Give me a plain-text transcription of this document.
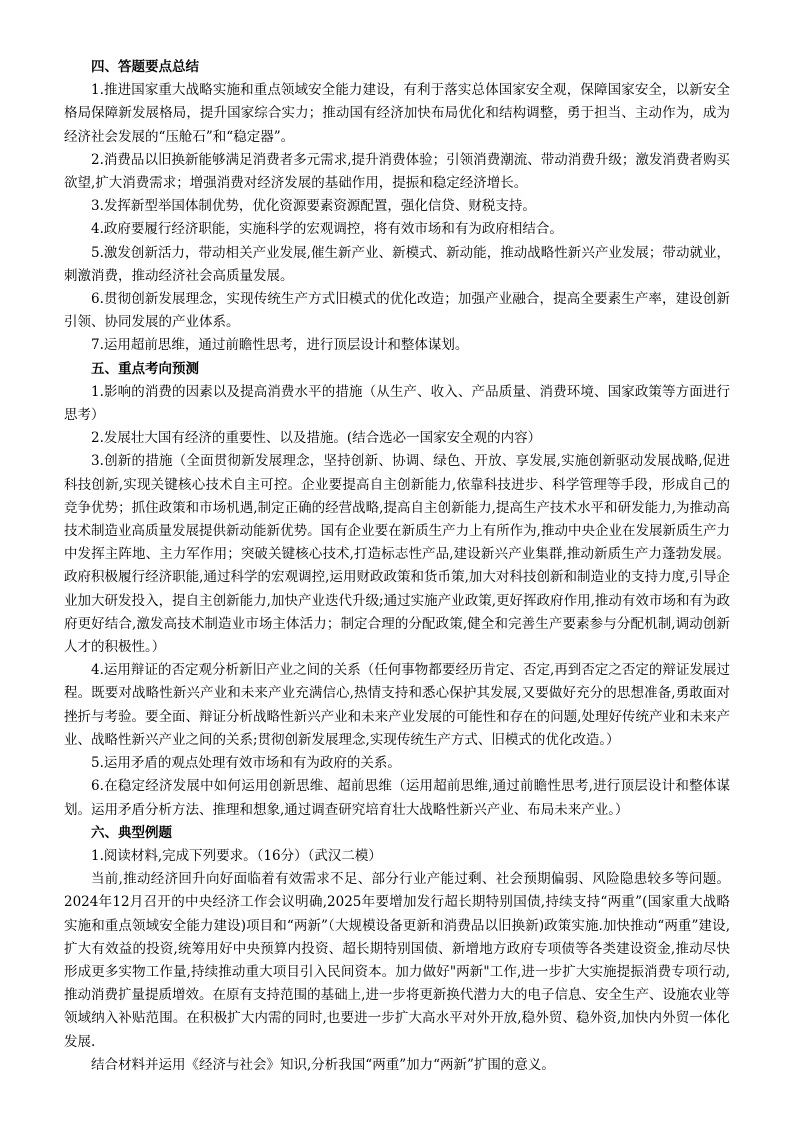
四、答题要点总结

1.推进国家重大战略实施和重点领域安全能力建设，有利于落实总体国家安全观，保障国家安全，以新安全格局保障新发展格局，提升国家综合实力；推动国有经济加快布局优化和结构调整，勇于担当、主动作为，成为经济社会发展的“压舱石”和“稳定器”。

2.消费品以旧换新能够满足消费者多元需求,提升消费体验；引领消费潮流、带动消费升级；激发消费者购买欲望,扩大消费需求；增强消费对经济发展的基础作用，提振和稳定经济增长。

3.发挥新型举国体制优势，优化资源要素资源配置，强化信贷、财税支持。

4.政府要履行经济职能，实施科学的宏观调控，将有效市场和有为政府相结合。

5.激发创新活力，带动相关产业发展,催生新产业、新模式、新动能，推动战略性新兴产业发展；带动就业，刺激消费，推动经济社会高质量发展。

6.贯彻创新发展理念，实现传统生产方式旧模式的优化改造；加强产业融合，提高全要素生产率，建设创新引领、协同发展的产业体系。

7.运用超前思维，通过前瞻性思考，进行顶层设计和整体谋划。

五、重点考向预测

1.影响的消费的因素以及提高消费水平的措施（从生产、收入、产品质量、消费环境、国家政策等方面进行思考）

2.发展壮大国有经济的重要性、以及措施。(结合选必一国家安全观的内容）

3.创新的措施（全面贯彻新发展理念，坚持创新、协调、绿色、开放、享发展,实施创新驱动发展战略,促进科技创新,实现关键核心技术自主可控。企业要提高自主创新能力,依靠科技进步、科学管理等手段，形成自己的竞争优势；抓住政策和市场机遇,制定正确的经营战略,提高自主创新能力,提高生产技术水平和研发能力,为推动高技术制造业高质量发展提供新动能新优势。国有企业要在新质生产力上有所作为,推动中央企业在发展新质生产力中发挥主阵地、主力军作用；突破关键核心技术,打造标志性产品,建设新兴产业集群,推动新质生产力蓬勃发展。政府积极履行经济职能,通过科学的宏观调控,运用财政政策和货币策,加大对科技创新和制造业的支持力度,引导企业加大研发投入，提自主创新能力,加快产业迭代升级;通过实施产业政策,更好挥政府作用,推动有效市场和有为政府更好结合,激发高技术制造业市场主体活力；制定合理的分配政策,健全和完善生产要素参与分配机制,调动创新人才的积极性。）

4.运用辩证的否定观分析新旧产业之间的关系（任何事物都要经历肯定、否定,再到否定之否定的辩证发展过程。既要对战略性新兴产业和未来产业充满信心,热情支持和悉心保护其发展,又要做好充分的思想准备,勇敢面对挫折与考验。要全面、辩证分析战略性新兴产业和未来产业发展的可能性和存在的问题,处理好传统产业和未来产业、战略性新兴产业之间的关系;贯彻创新发展理念,实现传统生产方式、旧模式的优化改造。）

5.运用矛盾的观点处理有效市场和有为政府的关系。

6.在稳定经济发展中如何运用创新思维、超前思维（运用超前思维,通过前瞻性思考,进行顶层设计和整体谋划。运用矛盾分析方法、推理和想象,通过调查研究培育壮大战略性新兴产业、布局未来产业。）

六、典型例题

1.阅读材料,完成下列要求。（16分）（武汉二模）

当前,推动经济回升向好面临着有效需求不足、部分行业产能过剩、社会预期偏弱、风险隐患较多等问题。2024年12月召开的中央经济工作会议明确,2025年要增加发行超长期特别国债,持续支持“两重”(国家重大战略实施和重点领域安全能力建设)项目和“两新”（大规模设备更新和消费品以旧换新)政策实施.加快推动“两重”建设,扩大有效益的投资,统筹用好中央预算内投资、超长期特别国债、新增地方政府专项债等各类建设资金,推动尽快形成更多实物工作量,持续推动重大项目引入民间资本。加力做好"两新"工作,进一步扩大实施提振消费专项行动,推动消费扩量提质增效。在原有支持范围的基础上,进一步将更新换代潜力大的电子信息、安全生产、设施农业等领域纳入补贴范围。在积极扩大内需的同时,也要进一步扩大高水平对外开放,稳外贸、稳外资,加快内外贸一体化发展.

结合材料并运用《经济与社会》知识,分析我国“两重”加力“两新”扩围的意义。
